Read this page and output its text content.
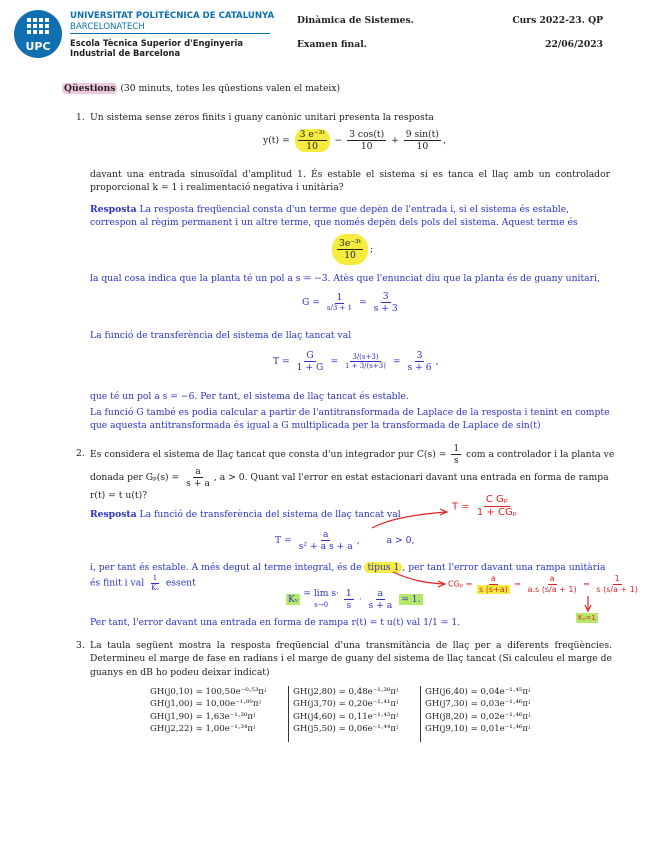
UPC
UNIVERSITAT POLITÈCNICA DE CATALUNYA
BARCELONATECH
Escola Tècnica Superior d'Enginyeria
Industrial de Barcelona
Dinàmica de Sistemes.
Examen final.
Curs 2022-23. QP
22/06/2023
Qüestions (30 minuts, totes les qüestions valen el mateix)
1. Un sistema sense zeros finits i guany canònic unitari presenta la resposta
$y(t) = \frac{\text{3 e⁻³ᵗ}}{10} - \frac{3 \cos(t)}{10} + \frac{9 \sin(t)}{10}$ ,
davant una entrada sinusoïdal d'amplitud 1. És estable el sistema si es tanca el llaç amb un controlador proporcional k = 1 i realimentació negativa i unitària?
Resposta La resposta freqüencial consta d'un terme que depèn de l'entrada i, si el sistema és estable, correspon al règim permanent i un altre terme, que només depèn dels pols del sistema. Aquest terme és
$\frac{\text{3e⁻³ᵗ}}{10}$ ;
la qual cosa indica que la planta té un pol a s = −3. Atès que l'enunciat diu que la planta és de guany unitari,
$G = \frac{1}{s/3 + 1} = \frac{3}{s + 3}$
La funció de transferència del sistema de llaç tancat val
$T = \frac{G}{1 + G} = \frac{3/(s+3)}{1 + 3/(s+3)} = \frac{3}{s + 6}$ ,
que té un pol a s = −6. Per tant, el sistema de llaç tancat és estable.
La funció G també es podia calcular a partir de l'antitransformada de Laplace de la resposta i tenint en compte que aquesta antitransformada és igual a G multiplicada per la transformada de Laplace de sin(t)
2. Es considera el sistema de llaç tancat que consta d'un integrador pur $C(s) = \frac{1}{s}$ com a controlador i la planta ve
donada per $G_p(s) = \frac{a}{s + a}$ , a > 0. Quant val l'error en estat estacionari davant una entrada en forma de rampa
r(t) = t u(t)?
Resposta La funció de transferència del sistema de llaç tancat val
$T = \frac{a}{\text{s² + a s + a}}$ ,	a > 0,
i, per tant és estable. A més degut al terme integral, és de tipus 1 , per tant l'error davant una rampa unitària és finit i val $\frac{1}{\text{Kᵥ}}$ essent
Kᵥ = lim s·
$s\to 0 \frac{1}{s} \cdot \frac{a}{s + a} = 1$.
Per tant, l'error davant una entrada en forma de rampa r(t) = t u(t) val 1/1 = 1.
$T = \frac{\text{C Gₚ}}{\text{1 + CGₚ}}$
$CG_p = \frac{a}{s (s+a)} = \frac{a}{a.s (s/a + 1)} = \frac{1}{s (s/a + 1)}$
Kᵥ=1
3. La taula següent mostra la resposta freqüencial d'una transmitància de llaç per a diferents freqüències. Determineu el marge de fase en radians i el marge de guany del sistema de llaç tancat (Si calculeu el marge de guanys en dB ho podeu deixar indicat)
GH(j0,10) = 100,50e⁻⁰·⁵³πʲ
GH(j1,00) = 10,00e⁻¹·⁰⁰πʲ
GH(j1,90) = 1,63e⁻¹·³⁰πʲ
GH(j2,22) = 1,00e⁻¹·³⁴πʲ
GH(j2,80) = 0,48e⁻¹·³⁸πʲ
GH(j3,70) = 0,20e⁻¹·⁴¹πʲ
GH(j4,60) = 0,11e⁻¹·⁴³πʲ
GH(j5,50) = 0,06e⁻¹·⁴⁴πʲ
GH(j6,40) = 0,04e⁻¹·⁴⁵πʲ
GH(j7,30) = 0,03e⁻¹·⁴⁶πʲ
GH(j8,20) = 0,02e⁻¹·⁴⁶πʲ
GH(j9,10) = 0,01e⁻¹·⁴⁶πʲ
